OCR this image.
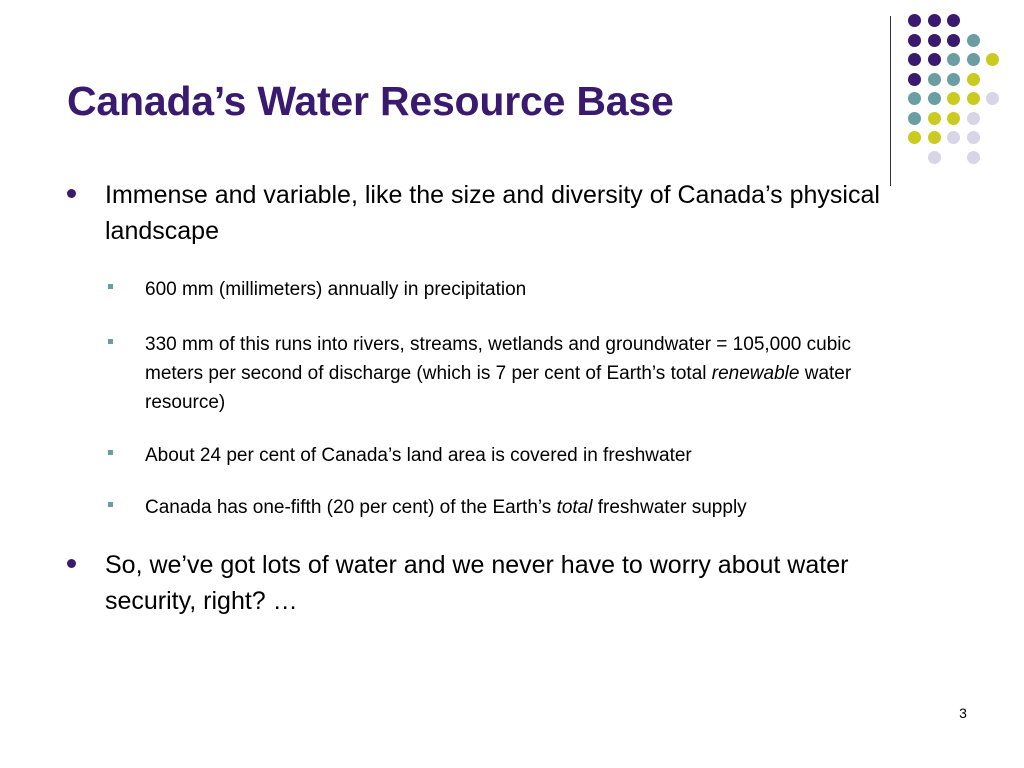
Canada’s Water Resource Base
Immense and variable, like the size and diversity of Canada’s physical landscape
600 mm (millimeters) annually in precipitation
330 mm of this runs into rivers, streams, wetlands and groundwater = 105,000 cubic meters per second of discharge (which is 7 per cent of Earth’s total renewable water resource)
About 24 per cent of Canada’s land area is covered in freshwater
Canada has one-fifth (20 per cent) of the Earth’s total freshwater supply
So, we’ve got lots of water and we never have to worry about water security, right? …
3
